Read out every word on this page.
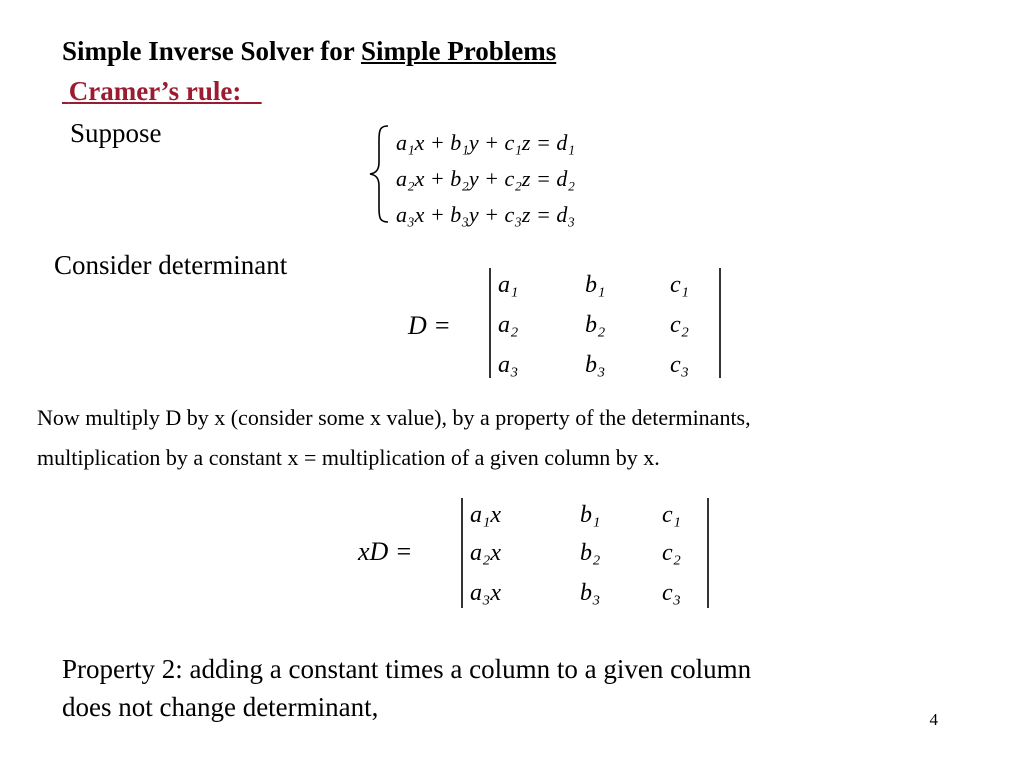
Simple Inverse Solver for Simple Problems
Cramer’s rule:
Suppose	a₁x + b₁y + c₁z = d₁
a₂x + b₂y + c₂z = d₂
a₃x + b₃y + c₃z = d₃
Consider determinant
D =
a₁	b₁	c₁
a₂	b₂	c₂
a₃	b₃	c₃
Now multiply D by x (consider some x value), by a property of the determinants,
multiplication by a constant x = multiplication of a given column by x.
xD =
a₁x	b₁	c₁
a₂x	b₂	c₂
a₃x	b₃	c₃
Property 2: adding a constant times a column to a given column
does not change determinant,	4
